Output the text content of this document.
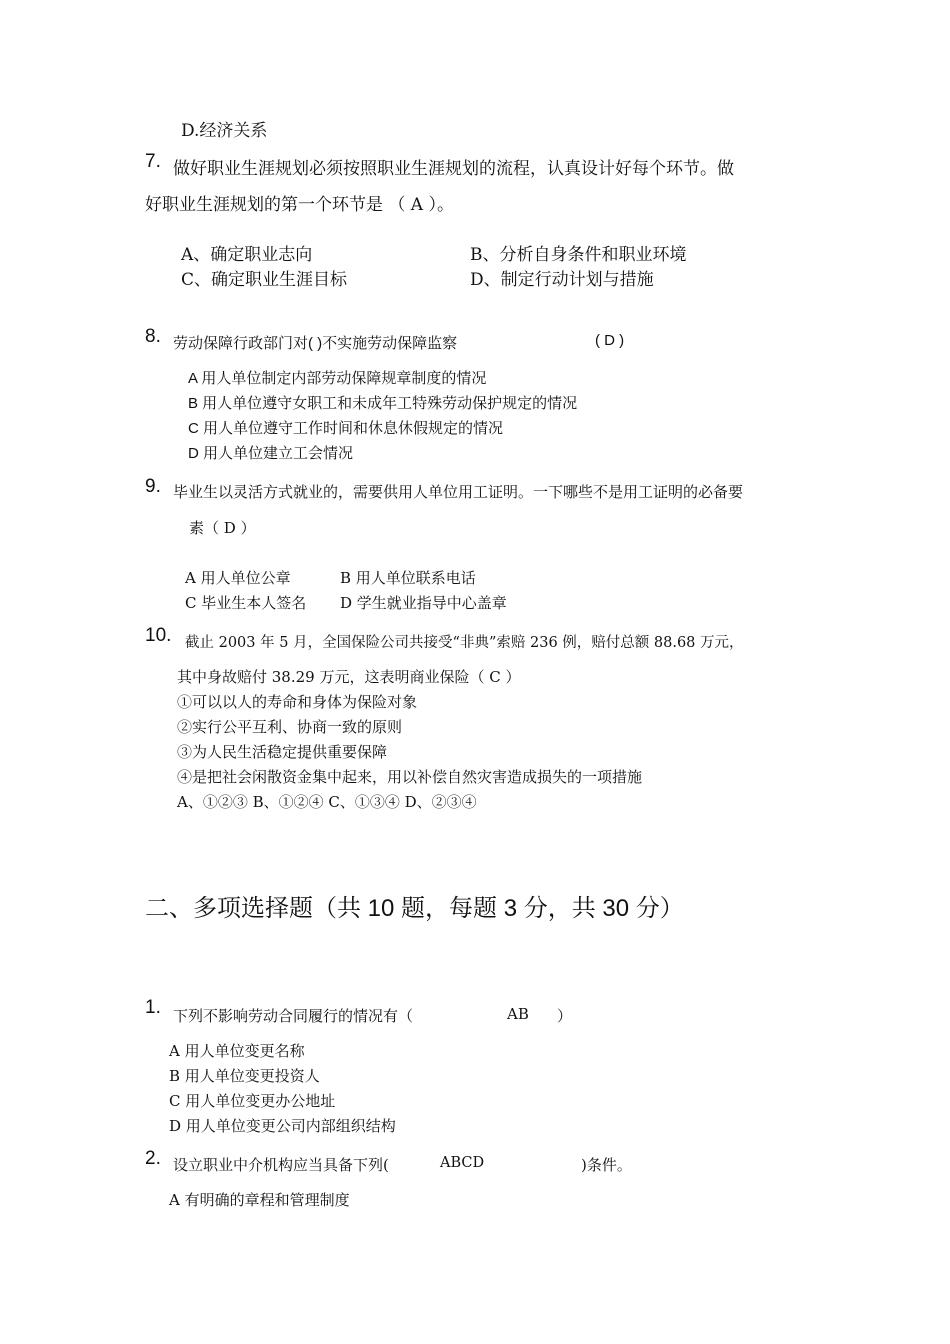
D.经济关系
7. 做好职业生涯规划必须按照职业生涯规划的流程，认真设计好每个环节。做
好职业生涯规划的第一个环节是 （ A ）。
A、确定职业志向	B、分析自身条件和职业环境
C、确定职业生涯目标	D、制定行动计划与措施
8. 劳动保障行政部门对( )不实施劳动保障监察	( D )
A 用人单位制定内部劳动保障规章制度的情况
B 用人单位遵守女职工和未成年工特殊劳动保护规定的情况
C 用人单位遵守工作时间和休息休假规定的情况
D 用人单位建立工会情况
9. 毕业生以灵活方式就业的，需要供用人单位用工证明。一下哪些不是用工证明的必备要
素（ D ）
A 用人单位公章	B 用人单位联系电话
C 毕业生本人签名 D 学生就业指导中心盖章
10. 截止 2003 年 5 月，全国保险公司共接受“非典”索赔 236 例，赔付总额 88.68 万元，
其中身故赔付 38.29 万元，这表明商业保险（ C ）
①可以以人的寿命和身体为保险对象
②实行公平互利、协商一致的原则
③为人民生活稳定提供重要保障
④是把社会闲散资金集中起来，用以补偿自然灾害造成损失的一项措施
A、①②③ B、①②④ C、①③④ D、②③④
二、多项选择题（共 10 题，每题 3 分，共 30 分）
1. 下列不影响劳动合同履行的情况有（	AB ）
A 用人单位变更名称
B 用人单位变更投资人
C 用人单位变更办公地址
D 用人单位变更公司内部组织结构
2. 设立职业中介机构应当具备下列(	ABCD	)条件。
A 有明确的章程和管理制度
